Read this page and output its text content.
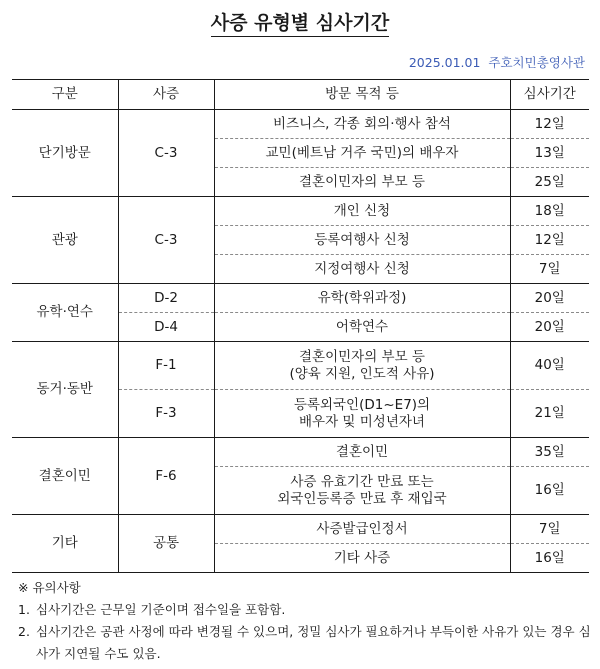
사증 유형별 심사기간
2025.01.01 주호치민총영사관
구분	사증	방문 목적 등	심사기간
단기방문	C-3	비즈니스, 각종 회의·행사 참석	12일
		교민(베트남 거주 국민)의 배우자	13일
		결혼이민자의 부모 등	25일
관광	C-3	개인 신청	18일
		등록여행사 신청	12일
		지정여행사 신청	7일
유학·연수	D-2	유학(학위과정)	20일
	D-4	어학연수	20일
동거·동반	F-1	결혼이민자의 부모 등
(양육 지원, 인도적 사유)	40일
	F-3	등록외국인(D1~E7)의
배우자 및 미성년자녀	21일
결혼이민	F-6	결혼이민	35일
		사증 유효기간 만료 또는
외국인등록증 만료 후 재입국	16일
기타	공통	사증발급인정서	7일
		기타 사증	16일
※ 유의사항
1. 심사기간은 근무일 기준이며 접수일을 포함함.
2. 심사기간은 공관 사정에 따라 변경될 수 있으며, 정밀 심사가 필요하거나 부득이한 사유가 있는 경우 심사가 지연될 수도 있음.
